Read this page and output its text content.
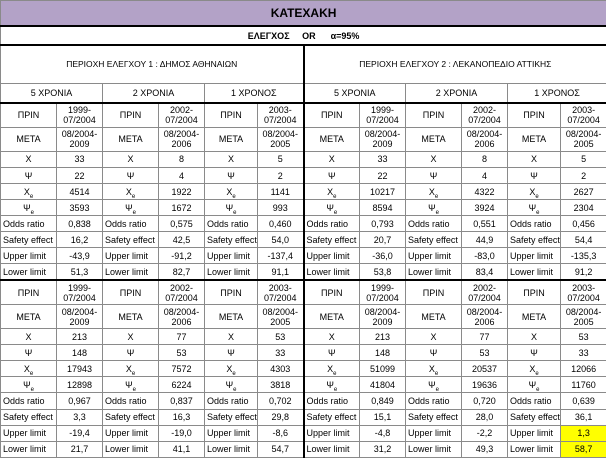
ΚΑΤΕΧΑΚΗ											
ΕΛΕΓΧΟΣ     OR      α=95%											
ΠΕΡΙΟΧΗ ΕΛΕΓΧΟΥ 1 : ΔΗΜΟΣ ΑΘΗΝΑΙΩΝ						ΠΕΡΙΟΧΗ ΕΛΕΓΧΟΥ 2 : ΛΕΚΑΝΟΠΕΔΙΟ ΑΤΤΙΚΗΣ					
5 ΧΡΟΝΙΑ		2 ΧΡΟΝΙΑ		1 ΧΡΟΝΟΣ		5 ΧΡΟΝΙΑ		2 ΧΡΟΝΙΑ		1 ΧΡΟΝΟΣ	
ΠΡΙΝ	1999-07/2004	ΠΡΙΝ	2002-07/2004	ΠΡΙΝ	2003-07/2004	ΠΡΙΝ	1999-07/2004	ΠΡΙΝ	2002-07/2004	ΠΡΙΝ	2003-07/2004
ΜΕΤΑ	08/2004-2009	ΜΕΤΑ	08/2004-2006	ΜΕΤΑ	08/2004-2005	ΜΕΤΑ	08/2004-2009	ΜΕΤΑ	08/2004-2006	ΜΕΤΑ	08/2004-2005
Χ	33	Χ	8	Χ	5	Χ	33	Χ	8	Χ	5
Ψ	22	Ψ	4	Ψ	2	Ψ	22	Ψ	4	Ψ	2
$X_e$	4514	$X_e$	1922	$X_e$	1141	$X_e$	10217	$X_e$	4322	$X_e$	2627
$\Psi_e$	3593	$\Psi_e$	1672	$\Psi_e$	993	$\Psi_e$	8594	$\Psi_e$	3924	$\Psi_e$	2304
Odds ratio	0,838	Odds ratio	0,575	Odds ratio	0,460	Odds ratio	0,793	Odds ratio	0,551	Odds ratio	0,456
Safety effect	16,2	Safety effect	42,5	Safety effect	54,0	Safety effect	20,7	Safety effect	44,9	Safety effect	54,4
Upper limit	-43,9	Upper limit	-91,2	Upper limit	-137,4	Upper limit	-36,0	Upper limit	-83,0	Upper limit	-135,3
Lower limit	51,3	Lower limit	82,7	Lower limit	91,1	Lower limit	53,8	Lower limit	83,4	Lower limit	91,2
ΠΡΙΝ	1999-07/2004	ΠΡΙΝ	2002-07/2004	ΠΡΙΝ	2003-07/2004	ΠΡΙΝ	1999-07/2004	ΠΡΙΝ	2002-07/2004	ΠΡΙΝ	2003-07/2004
ΜΕΤΑ	08/2004-2009	ΜΕΤΑ	08/2004-2006	ΜΕΤΑ	08/2004-2005	ΜΕΤΑ	08/2004-2009	ΜΕΤΑ	08/2004-2006	ΜΕΤΑ	08/2004-2005
Χ	213	Χ	77	Χ	53	Χ	213	Χ	77	Χ	53
Ψ	148	Ψ	53	Ψ	33	Ψ	148	Ψ	53	Ψ	33
$X_e$	17943	$X_e$	7572	$X_e$	4303	$X_e$	51099	$X_e$	20537	$X_e$	12066
$\Psi_e$	12898	$\Psi_e$	6224	$\Psi_e$	3818	$\Psi_e$	41804	$\Psi_e$	19636	$\Psi_e$	11760
Odds ratio	0,967	Odds ratio	0,837	Odds ratio	0,702	Odds ratio	0,849	Odds ratio	0,720	Odds ratio	0,639
Safety effect	3,3	Safety effect	16,3	Safety effect	29,8	Safety effect	15,1	Safety effect	28,0	Safety effect	36,1
Upper limit	-19,4	Upper limit	-19,0	Upper limit	-8,6	Upper limit	-4,8	Upper limit	-2,2	Upper limit	1,3
Lower limit	21,7	Lower limit	41,1	Lower limit	54,7	Lower limit	31,2	Lower limit	49,3	Lower limit	58,7
